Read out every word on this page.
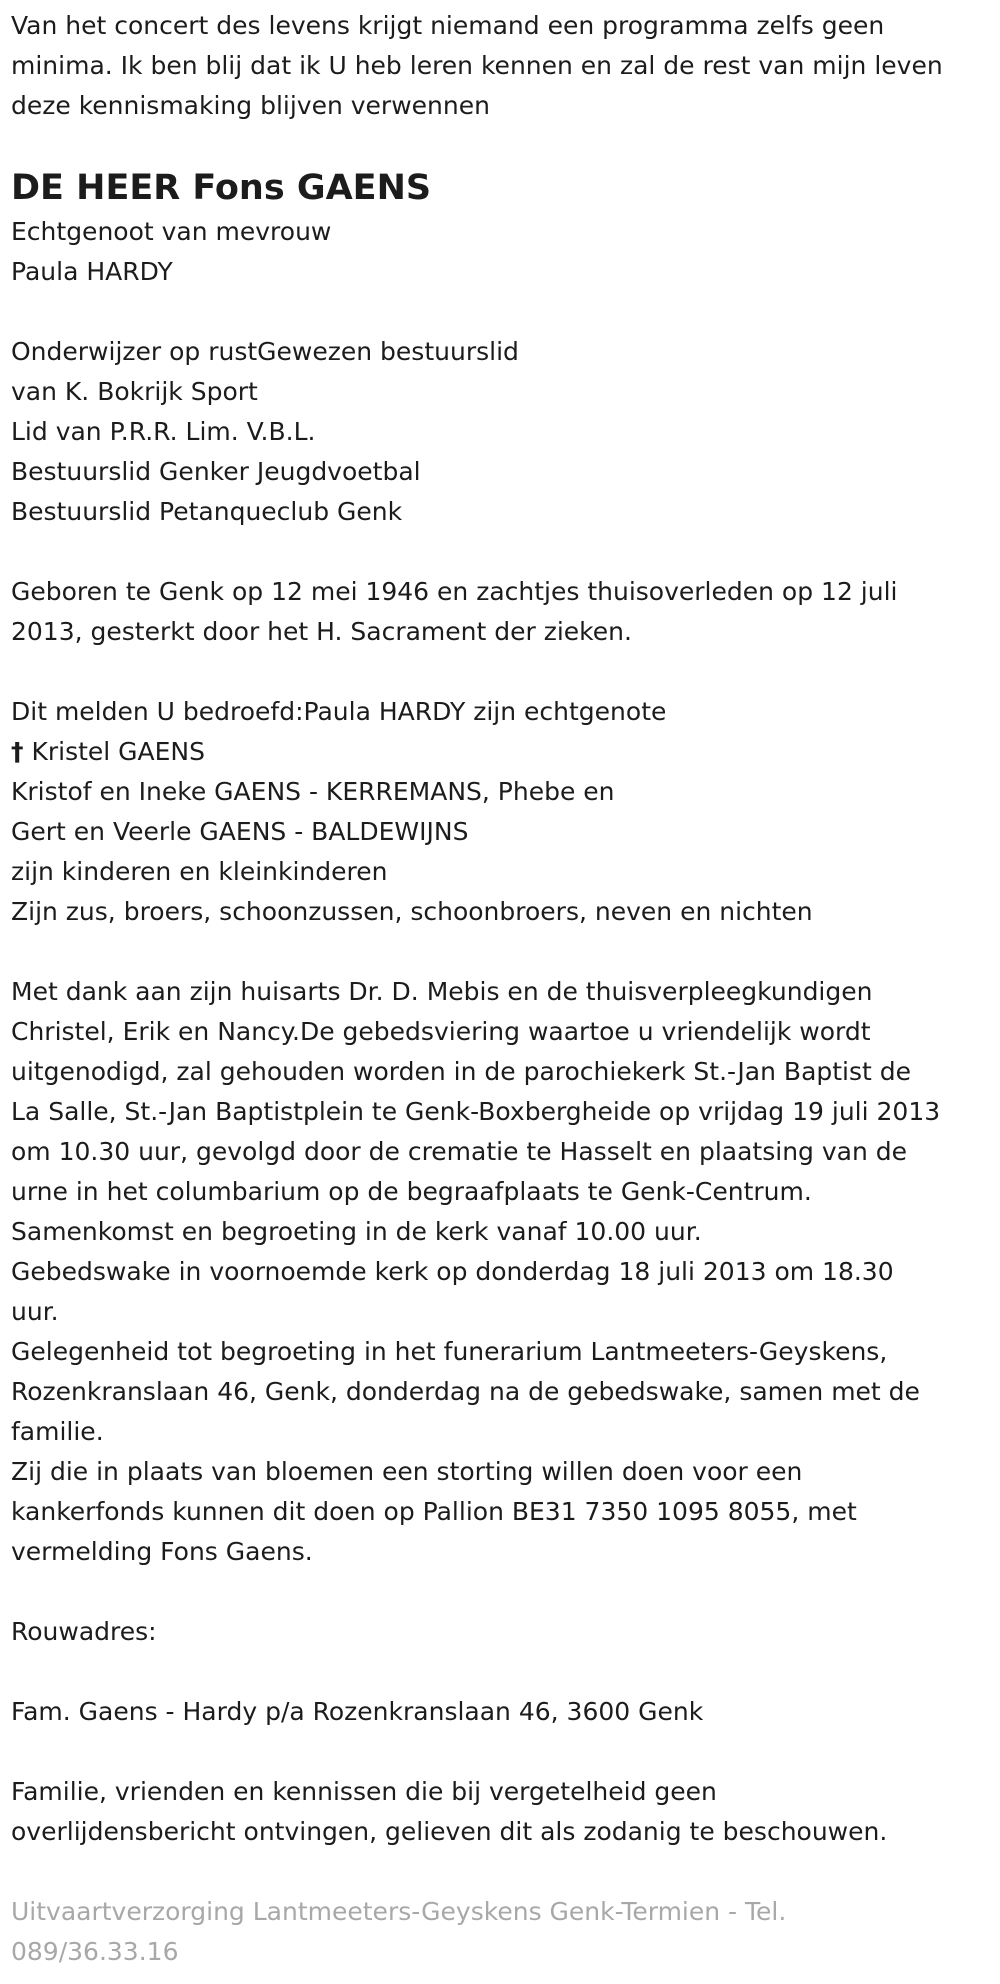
Van het concert des levens krijgt niemand een programma zelfs geen
minima. Ik ben blij dat ik U heb leren kennen en zal de rest van mijn leven
deze kennismaking blijven verwennen
DE HEER Fons GAENS
Echtgenoot van mevrouw
Paula HARDY
Onderwijzer op rustGewezen bestuurslid
van K. Bokrijk Sport
Lid van P.R.R. Lim. V.B.L.
Bestuurslid Genker Jeugdvoetbal
Bestuurslid Petanqueclub Genk
Geboren te Genk op 12 mei 1946 en zachtjes thuisoverleden op 12 juli
2013, gesterkt door het H. Sacrament der zieken.
Dit melden U bedroefd:Paula HARDY zijn echtgenote
† Kristel GAENS
Kristof en Ineke GAENS - KERREMANS, Phebe en
Gert en Veerle GAENS - BALDEWIJNS
zijn kinderen en kleinkinderen
Zijn zus, broers, schoonzussen, schoonbroers, neven en nichten
Met dank aan zijn huisarts Dr. D. Mebis en de thuisverpleegkundigen
Christel, Erik en Nancy.De gebedsviering waartoe u vriendelijk wordt
uitgenodigd, zal gehouden worden in de parochiekerk St.-Jan Baptist de
La Salle, St.-Jan Baptistplein te Genk-Boxbergheide op vrijdag 19 juli 2013
om 10.30 uur, gevolgd door de crematie te Hasselt en plaatsing van de
urne in het columbarium op de begraafplaats te Genk-Centrum.
Samenkomst en begroeting in de kerk vanaf 10.00 uur.
Gebedswake in voornoemde kerk op donderdag 18 juli 2013 om 18.30
uur.
Gelegenheid tot begroeting in het funerarium Lantmeeters-Geyskens,
Rozenkranslaan 46, Genk, donderdag na de gebedswake, samen met de
familie.
Zij die in plaats van bloemen een storting willen doen voor een
kankerfonds kunnen dit doen op Pallion BE31 7350 1095 8055, met
vermelding Fons Gaens.
Rouwadres:
Fam. Gaens - Hardy p/a Rozenkranslaan 46, 3600 Genk
Familie, vrienden en kennissen die bij vergetelheid geen
overlijdensbericht ontvingen, gelieven dit als zodanig te beschouwen.
Uitvaartverzorging Lantmeeters-Geyskens Genk-Termien - Tel.
089/36.33.16
